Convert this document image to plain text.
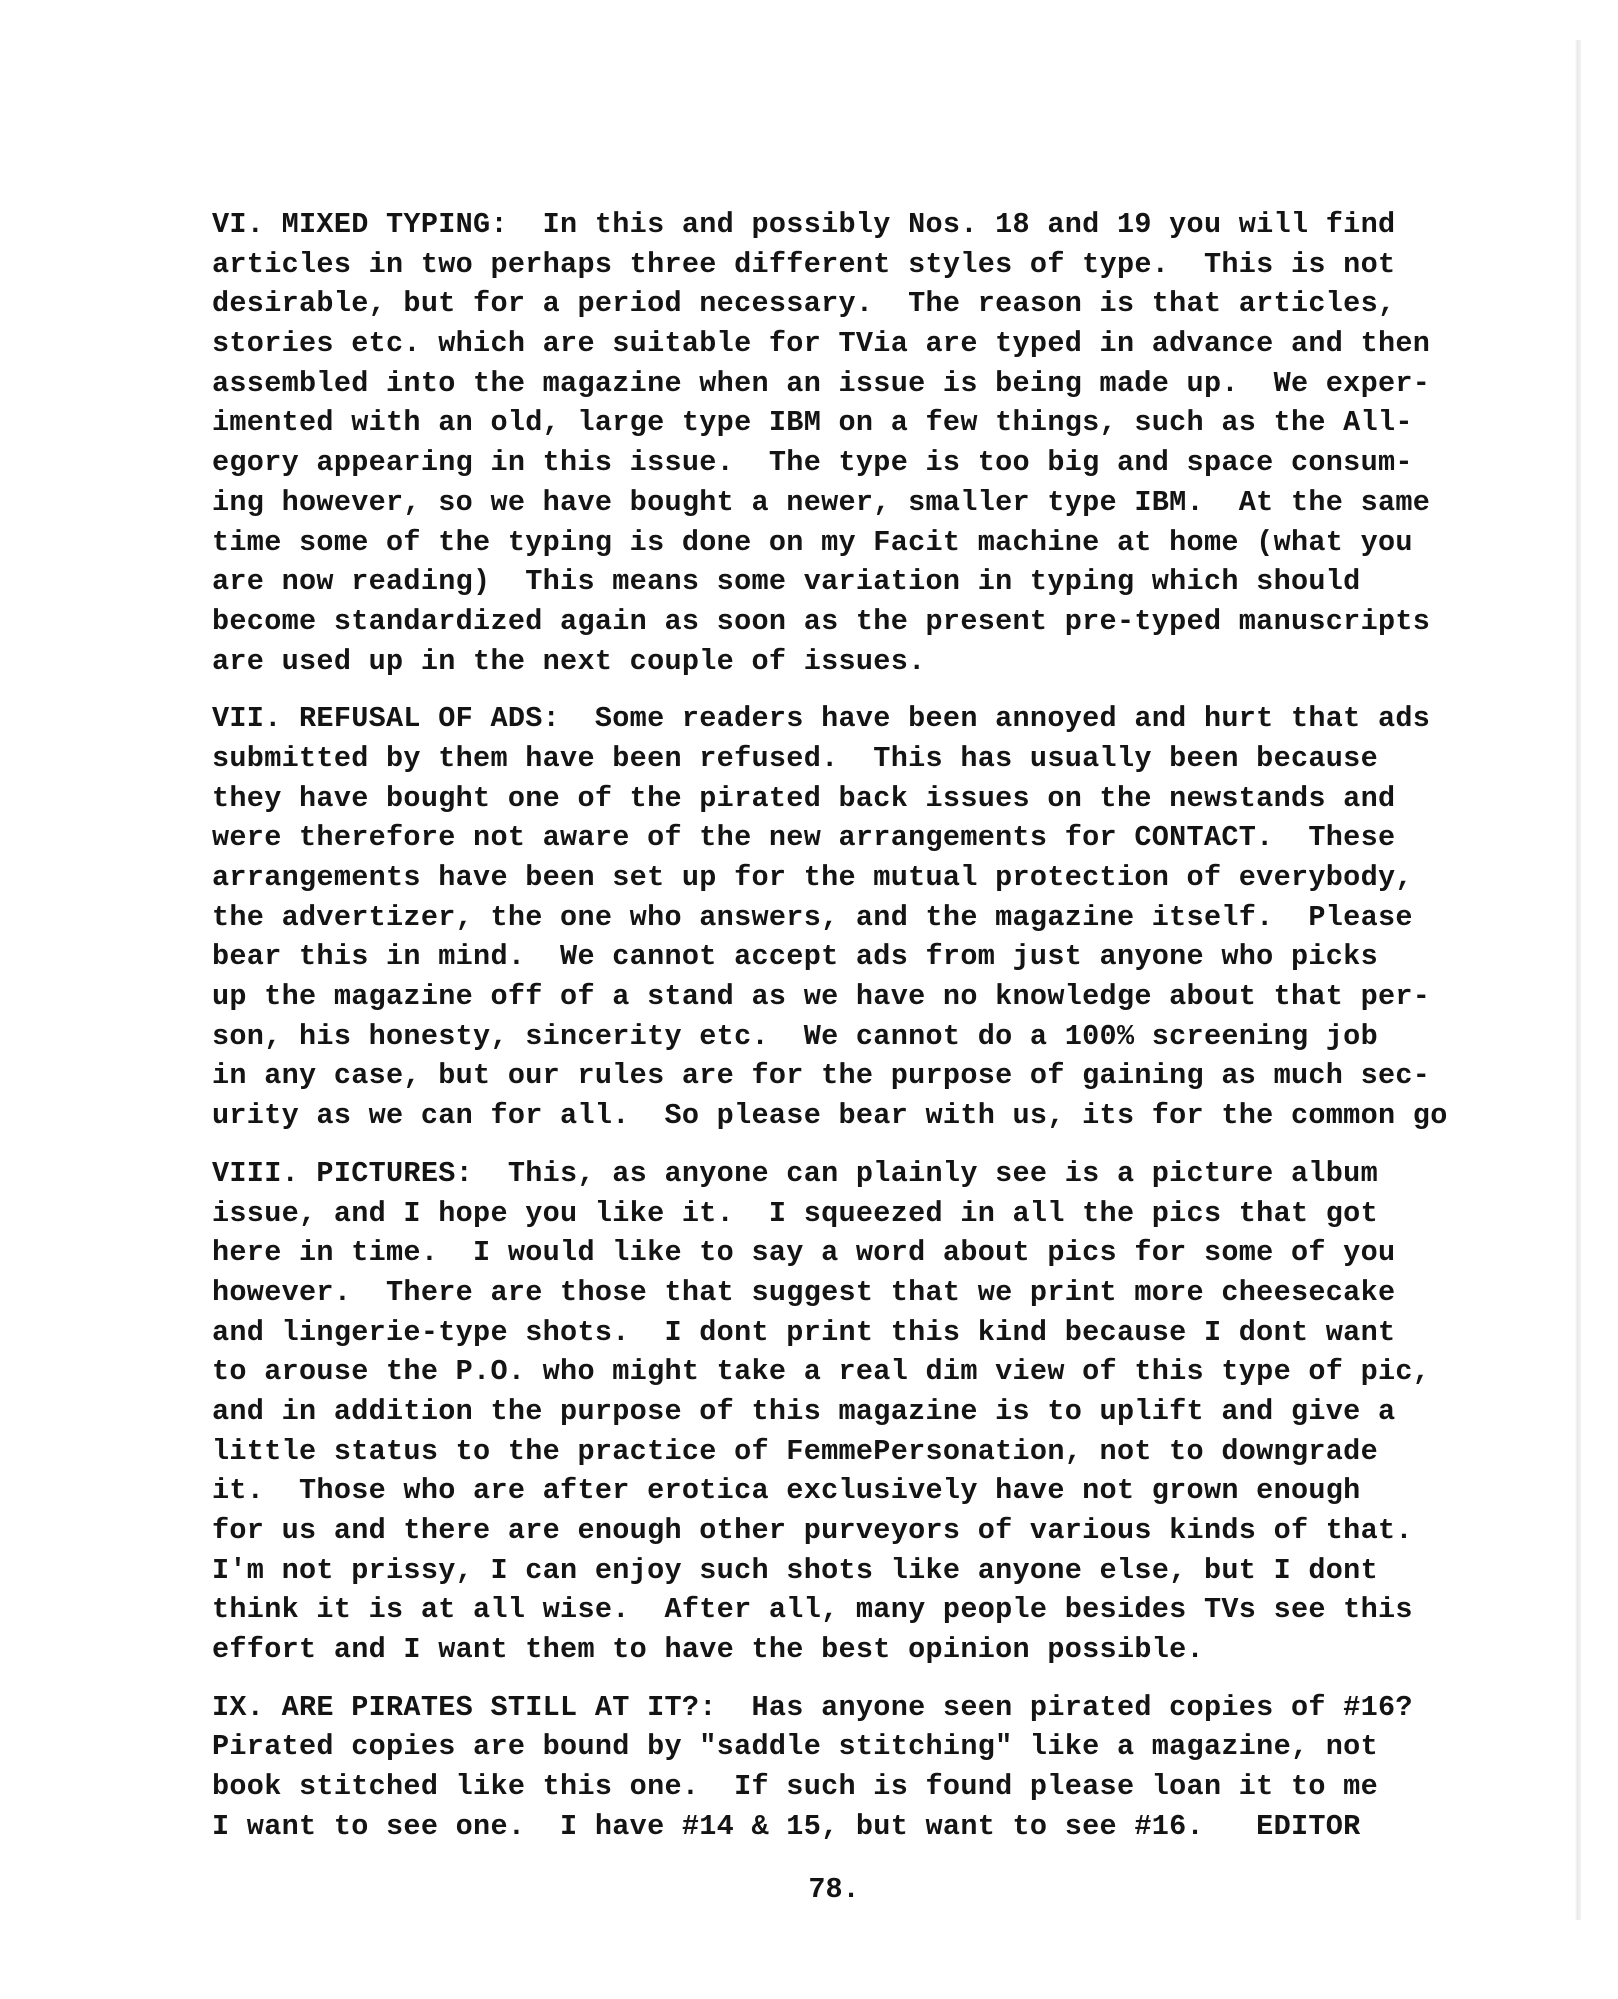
VI. MIXED TYPING:  In this and possibly Nos. 18 and 19 you will find
articles in two perhaps three different styles of type.  This is not
desirable, but for a period necessary.  The reason is that articles,
stories etc. which are suitable for TVia are typed in advance and then
assembled into the magazine when an issue is being made up.  We exper-
imented with an old, large type IBM on a few things, such as the All-
egory appearing in this issue.  The type is too big and space consum-
ing however, so we have bought a newer, smaller type IBM.  At the same
time some of the typing is done on my Facit machine at home (what you
are now reading)  This means some variation in typing which should
become standardized again as soon as the present pre-typed manuscripts
are used up in the next couple of issues.
VII. REFUSAL OF ADS:  Some readers have been annoyed and hurt that ads
submitted by them have been refused.  This has usually been because
they have bought one of the pirated back issues on the newstands and
were therefore not aware of the new arrangements for CONTACT.  These
arrangements have been set up for the mutual protection of everybody,
the advertizer, the one who answers, and the magazine itself.  Please
bear this in mind.  We cannot accept ads from just anyone who picks
up the magazine off of a stand as we have no knowledge about that per-
son, his honesty, sincerity etc.  We cannot do a 100% screening job
in any case, but our rules are for the purpose of gaining as much sec-
urity as we can for all.  So please bear with us, its for the common go
VIII. PICTURES:  This, as anyone can plainly see is a picture album
issue, and I hope you like it.  I squeezed in all the pics that got
here in time.  I would like to say a word about pics for some of you
however.  There are those that suggest that we print more cheesecake
and lingerie-type shots.  I dont print this kind because I dont want
to arouse the P.O. who might take a real dim view of this type of pic,
and in addition the purpose of this magazine is to uplift and give a
little status to the practice of FemmePersonation, not to downgrade
it.  Those who are after erotica exclusively have not grown enough
for us and there are enough other purveyors of various kinds of that.
I'm not prissy, I can enjoy such shots like anyone else, but I dont
think it is at all wise.  After all, many people besides TVs see this
effort and I want them to have the best opinion possible.
IX. ARE PIRATES STILL AT IT?:  Has anyone seen pirated copies of #16?
Pirated copies are bound by "saddle stitching" like a magazine, not
book stitched like this one.  If such is found please loan it to me
I want to see one.  I have #14 & 15, but want to see #16.   EDITOR
78.
